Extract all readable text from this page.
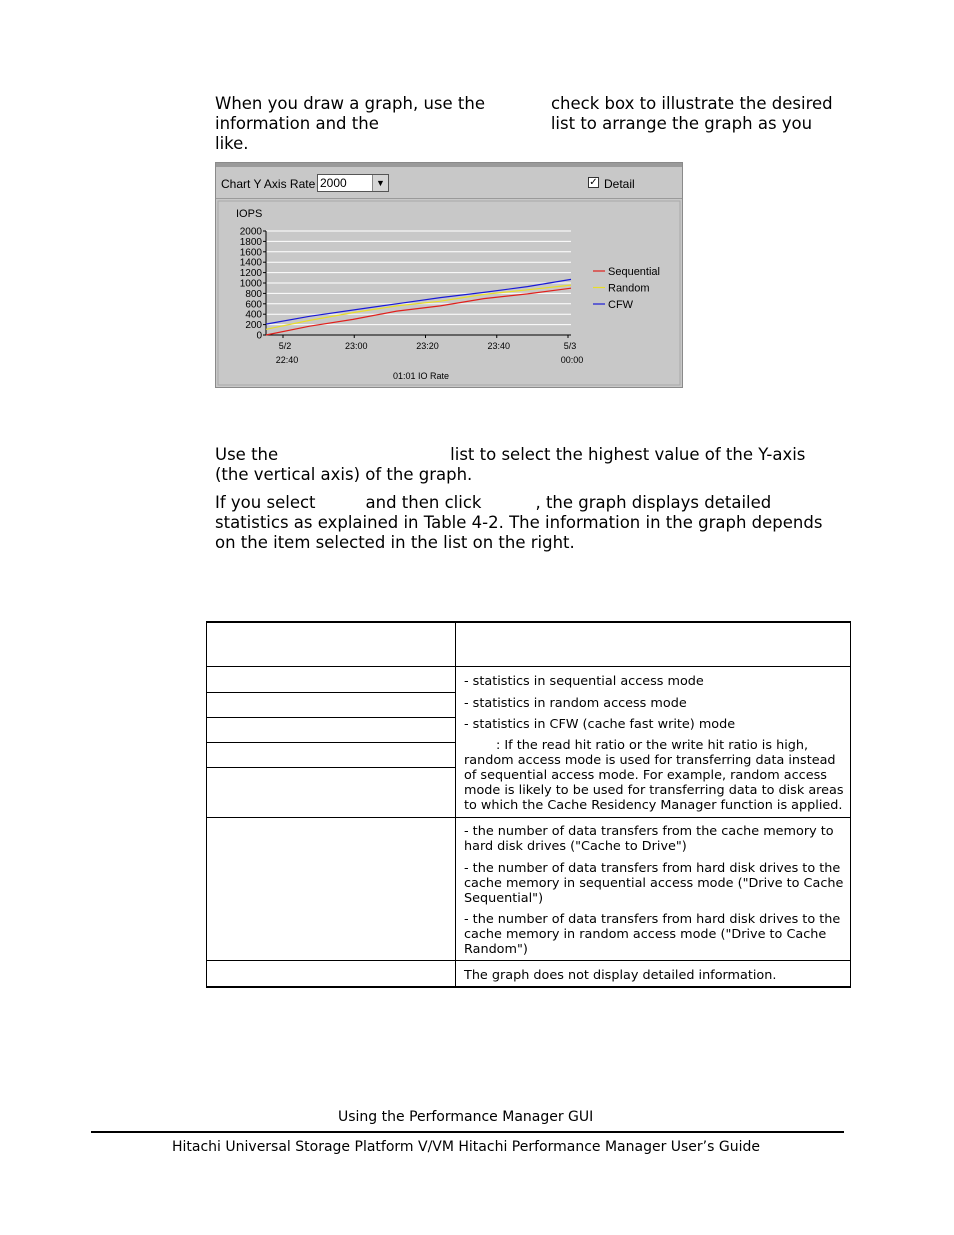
When you draw a graph, use the	check box to illustrate the desired
information and the	list to arrange the graph as you
like.
Chart Y Axis Rate 2000	▼	✓ Detail
2000
1800
1600
1400
1200
1000
800
600
400
200
0
5/2
22:40
23:00	23:20	23:40	5/3
00:00
Sequential
Random
CFW
IOPS
01:01 IO Rate
Use the	list to select the highest value of the Y-axis
(the vertical axis) of the graph.
If you select	and then click	, the graph displays detailed
statistics as explained in Table 4-2. The information in the graph depends
on the item selected in the list on the right.
- statistics in sequential access mode
- statistics in random access mode
- statistics in CFW (cache fast write) mode
: If the read hit ratio or the write hit ratio is high,
random access mode is used for transferring data instead
of sequential access mode. For example, random access
mode is likely to be used for transferring data to disk areas
to which the Cache Residency Manager function is applied.
- the number of data transfers from the cache memory to
hard disk drives ("Cache to Drive")
- the number of data transfers from hard disk drives to the
cache memory in sequential access mode ("Drive to Cache
Sequential")
- the number of data transfers from hard disk drives to the
cache memory in random access mode ("Drive to Cache
Random")
The graph does not display detailed information.
Using the Performance Manager GUI
Hitachi Universal Storage Platform V/VM Hitachi Performance Manager User’s Guide
